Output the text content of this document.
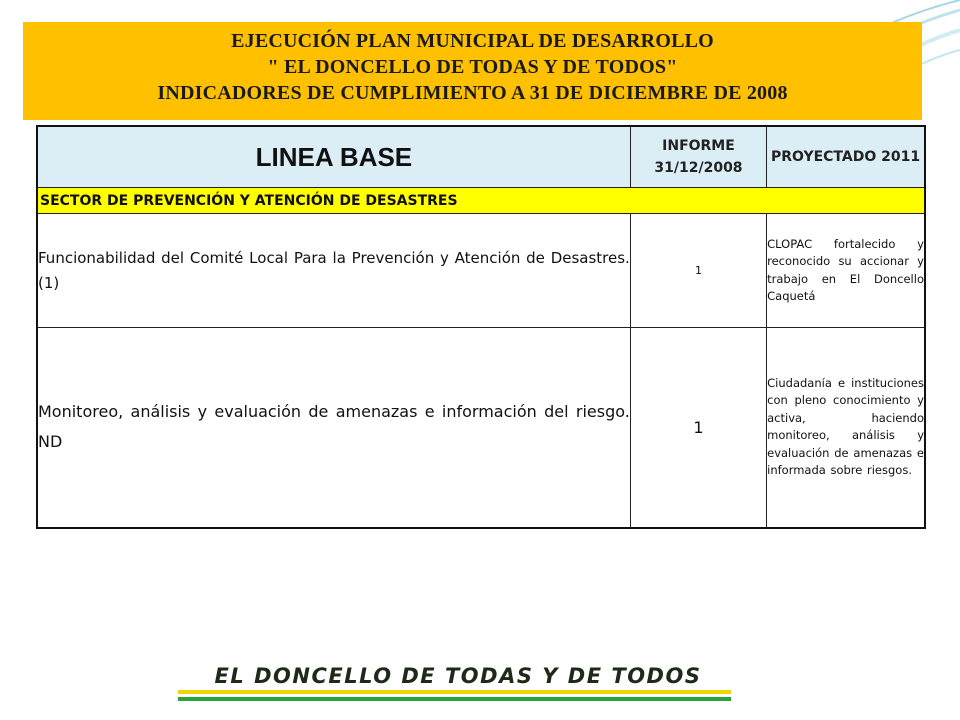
EJECUCIÓN PLAN MUNICIPAL DE DESARROLLO
" EL DONCELLO DE TODAS Y DE TODOS"
INDICADORES DE CUMPLIMIENTO A 31 DE DICIEMBRE DE 2008
LINEA BASE	INFORME 31/12/2008	PROYECTADO 2011
SECTOR DE PREVENCIÓN Y ATENCIÓN DE DESASTRES		
Funcionabilidad del Comité Local Para la Prevención y Atención de Desastres. (1)	1	CLOPAC fortalecido y reconocido su accionar y trabajo en El Doncello Caquetá
Monitoreo, análisis y evaluación de amenazas e información del riesgo. ND	1	Ciudadanía e instituciones con pleno conocimiento y activa, haciendo monitoreo, análisis y evaluación de amenazas e informada sobre riesgos.
EL DONCELLO DE TODAS Y DE TODOS
